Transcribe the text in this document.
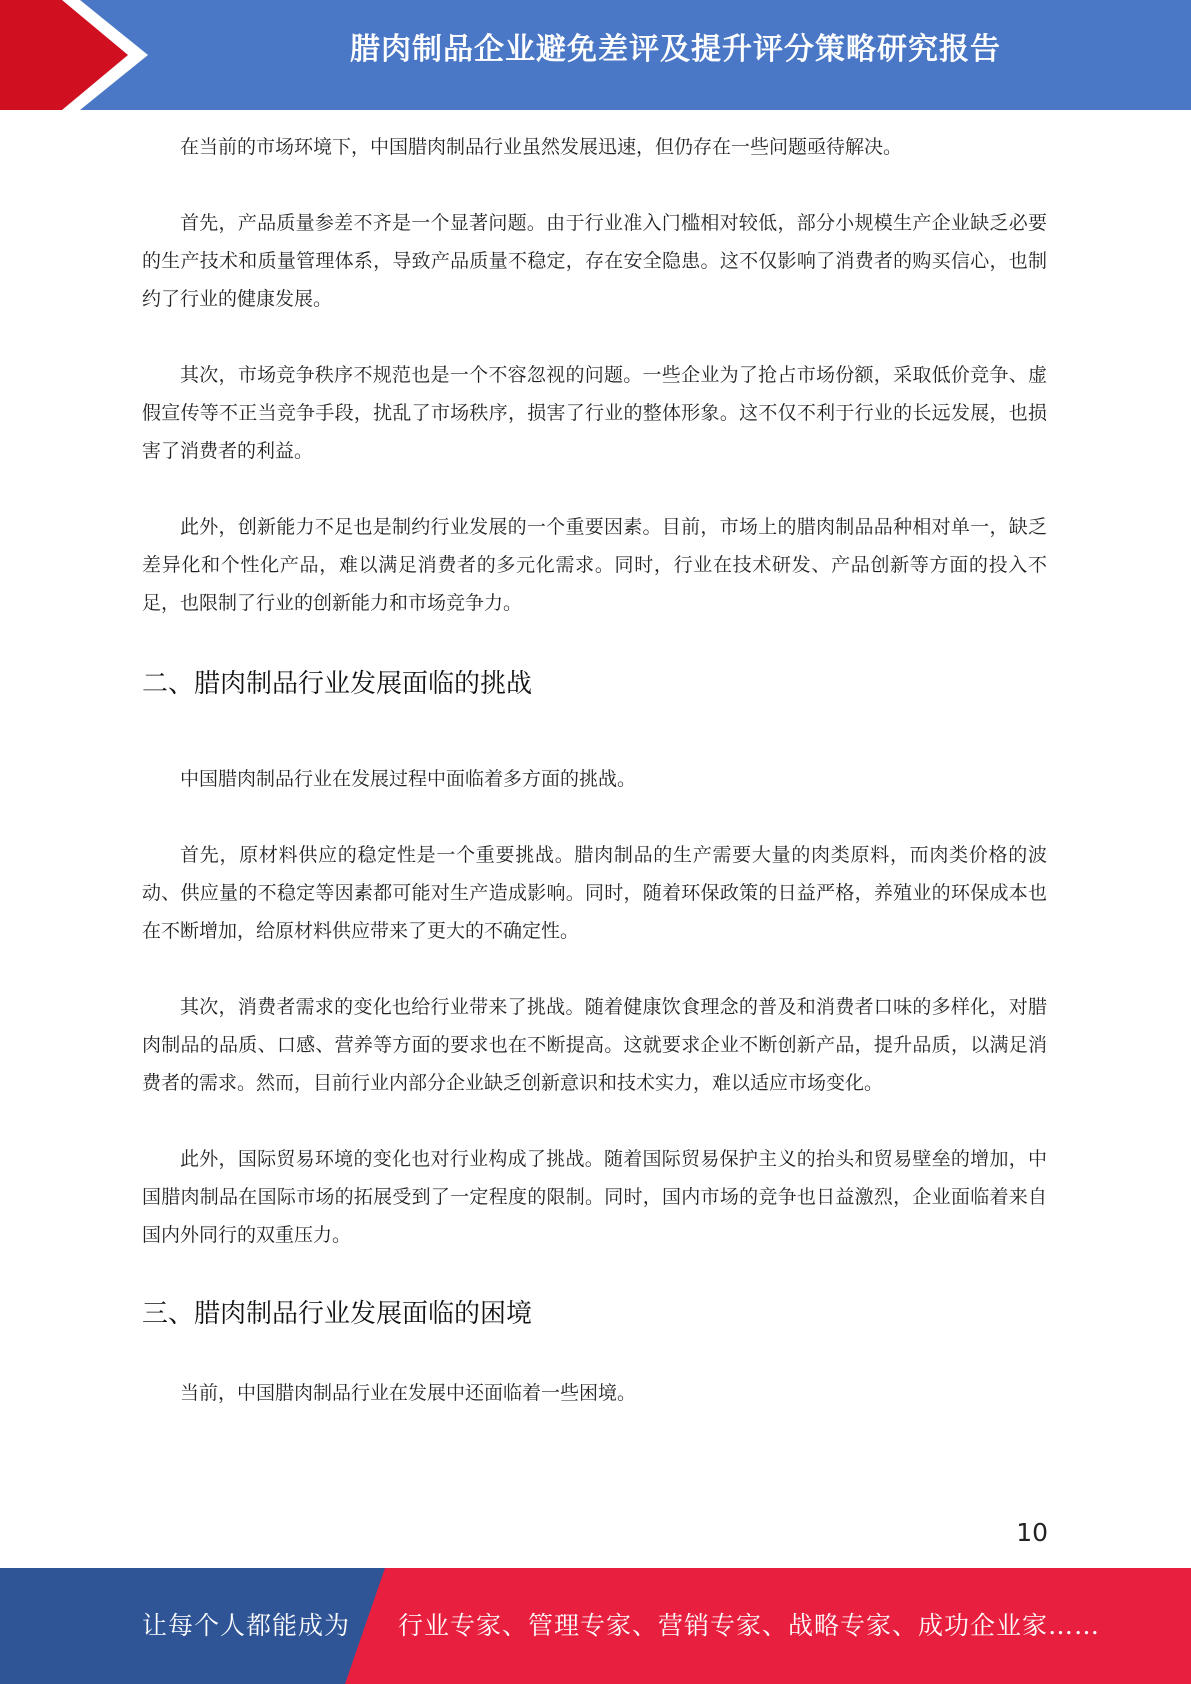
腊肉制品企业避免差评及提升评分策略研究报告

在当前的市场环境下，中国腊肉制品行业虽然发展迅速，但仍存在一些问题亟待解决。

首先，产品质量参差不齐是一个显著问题。由于行业准入门槛相对较低，部分小规模生产企业缺乏必要的生产技术和质量管理体系，导致产品质量不稳定，存在安全隐患。这不仅影响了消费者的购买信心，也制约了行业的健康发展。

其次，市场竞争秩序不规范也是一个不容忽视的问题。一些企业为了抢占市场份额，采取低价竞争、虚假宣传等不正当竞争手段，扰乱了市场秩序，损害了行业的整体形象。这不仅不利于行业的长远发展，也损害了消费者的利益。

此外，创新能力不足也是制约行业发展的一个重要因素。目前，市场上的腊肉制品品种相对单一，缺乏差异化和个性化产品，难以满足消费者的多元化需求。同时，行业在技术研发、产品创新等方面的投入不足，也限制了行业的创新能力和市场竞争力。

二、腊肉制品行业发展面临的挑战

中国腊肉制品行业在发展过程中面临着多方面的挑战。

首先，原材料供应的稳定性是一个重要挑战。腊肉制品的生产需要大量的肉类原料，而肉类价格的波动、供应量的不稳定等因素都可能对生产造成影响。同时，随着环保政策的日益严格，养殖业的环保成本也在不断增加，给原材料供应带来了更大的不确定性。

其次，消费者需求的变化也给行业带来了挑战。随着健康饮食理念的普及和消费者口味的多样化，对腊肉制品的品质、口感、营养等方面的要求也在不断提高。这就要求企业不断创新产品，提升品质，以满足消费者的需求。然而，目前行业内部分企业缺乏创新意识和技术实力，难以适应市场变化。

此外，国际贸易环境的变化也对行业构成了挑战。随着国际贸易保护主义的抬头和贸易壁垒的增加，中国腊肉制品在国际市场的拓展受到了一定程度的限制。同时，国内市场的竞争也日益激烈，企业面临着来自国内外同行的双重压力。

三、腊肉制品行业发展面临的困境

当前，中国腊肉制品行业在发展中还面临着一些困境。

10
让每个人都能成为 行业专家、管理专家、营销专家、战略专家、成功企业家……
